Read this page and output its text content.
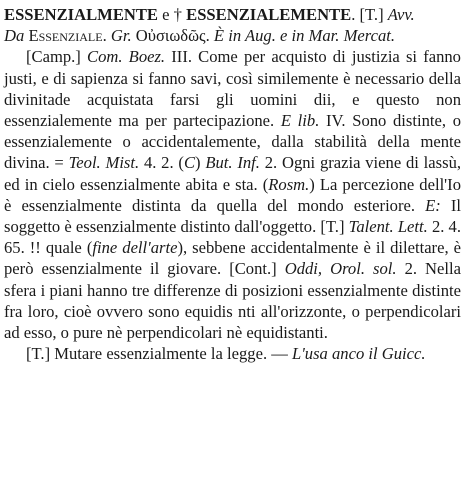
ESSENZIALMENTE e † ESSENZIALEMENTE. [T.] Avv.
Da Essenziale. Gr. Οὐσιωδῶς. È in Aug. e in Mar. Mercat.

[Camp.] Com. Boez. III. Come per acquisto di justizia si fanno justi, e di sapienza si fanno savi, così similemente è necessario della divinitade acquistata farsi gli uomini dii, e questo non essenzialemente ma per partecipazione. E lib. IV. Sono distinte, o essenzialemente o accidentalemente, dalla stabilità della mente divina. = Teol. Mist. 4. 2. (C) But. Inf. 2. Ogni grazia viene di lassù, ed in cielo essenzialmente abita e sta. (Rosm.) La percezione dell'Io è essenzialmente distinta da quella del mondo esteriore. E: Il soggetto è essenzialmente distinto dall'oggetto. [T.] Talent. Lett. 2. 4. 65. !! quale (fine dell'arte), sebbene accidentalmente è il dilettare, è però essenzialmente il giovare. [Cont.] Oddi, Orol. sol. 2. Nella sfera i piani hanno tre differenze di posizioni essenzialmente distinte fra loro, cioè ovvero sono equidis nti all'orizzonte, o perpendicolari ad esso, o pure nè perpendicolari nè equidistanti.

[T.] Mutare essenzialmente la legge. — L'usa anco il Guicc.
